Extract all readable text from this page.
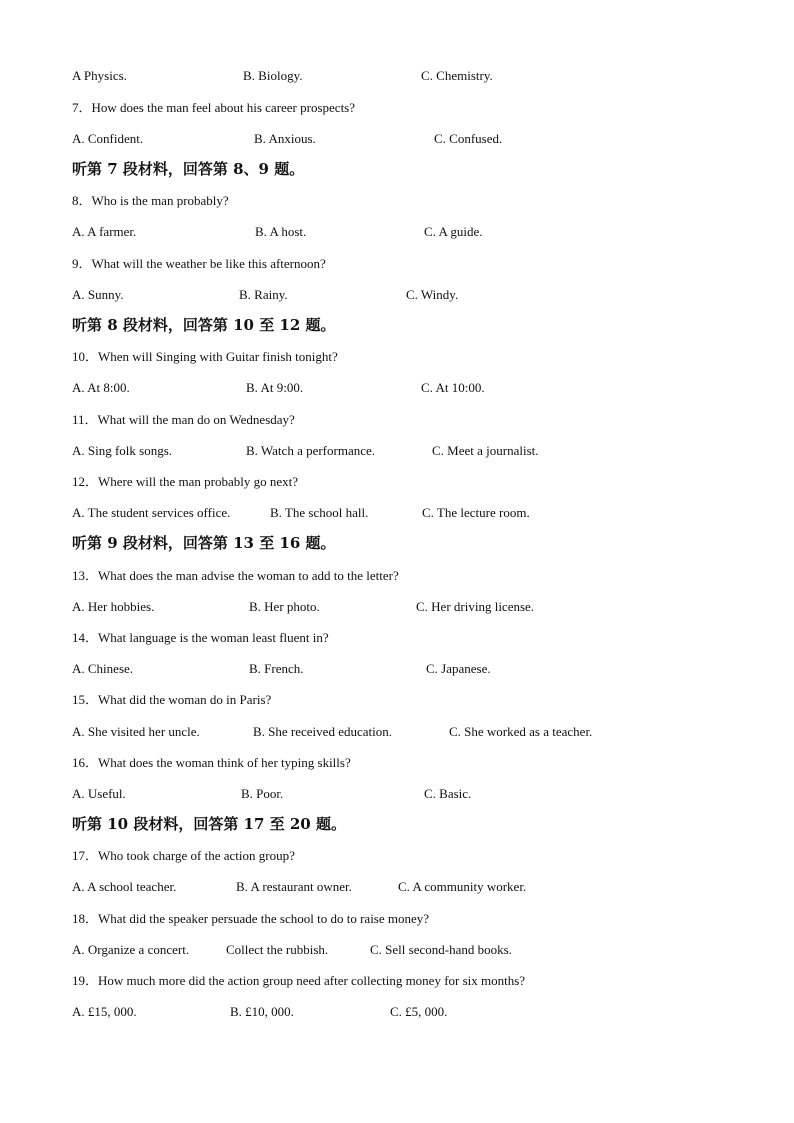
A Physics.	B. Biology.	C. Chemistry.
7．How does the man feel about his career prospects?
A. Confident.	B. Anxious.	C. Confused.
听第 7 段材料，回答第 8、9 题。
8．Who is the man probably?
A. A farmer.	B. A host.	C. A guide.
9．What will the weather be like this afternoon?
A. Sunny.	B. Rainy.	C. Windy.
听第 8 段材料，回答第 10 至 12 题。
10．When will Singing with Guitar finish tonight?
A. At 8:00.	B. At 9:00.	C. At 10:00.
11．What will the man do on Wednesday?
A. Sing folk songs.	B. Watch a performance.	C. Meet a journalist.
12．Where will the man probably go next?
A. The student services office.	B. The school hall.	C. The lecture room.
听第 9 段材料，回答第 13 至 16 题。
13．What does the man advise the woman to add to the letter?
A. Her hobbies.	B. Her photo.	C. Her driving license.
14．What language is the woman least fluent in?
A. Chinese.	B. French.	C. Japanese.
15．What did the woman do in Paris?
A. She visited her uncle.	B. She received education.	C. She worked as a teacher.
16．What does the woman think of her typing skills?
A. Useful.	B. Poor.	C. Basic.
听第 10 段材料，回答第 17 至 20 题。
17．Who took charge of the action group?
A. A school teacher.	B. A restaurant owner.	C. A community worker.
18．What did the speaker persuade the school to do to raise money?
A. Organize a concert.	Collect the rubbish.	C. Sell second-hand books.
19．How much more did the action group need after collecting money for six months?
A. £15, 000.	B. £10, 000.	C. £5, 000.
